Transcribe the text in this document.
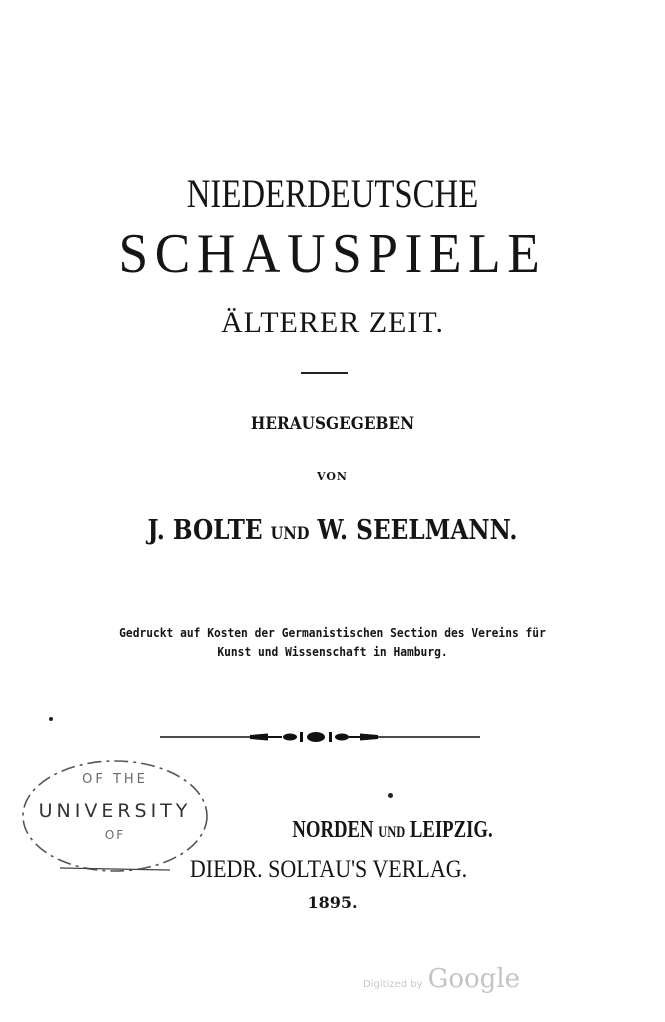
NIEDERDEUTSCHE
SCHAUSPIELE
ÄLTERER ZEIT.
HERAUSGEGEBEN
VON
J. BOLTE UND W. SEELMANN.
Gedruckt auf Kosten der Germanistischen Section des Vereins für
Kunst und Wissenschaft in Hamburg.
OF THE
UNIVERSITY
OF	NORDEN UND LEIPZIG.
DIEDR. SOLTAU'S VERLAG.
1895.
Digitized by Google
